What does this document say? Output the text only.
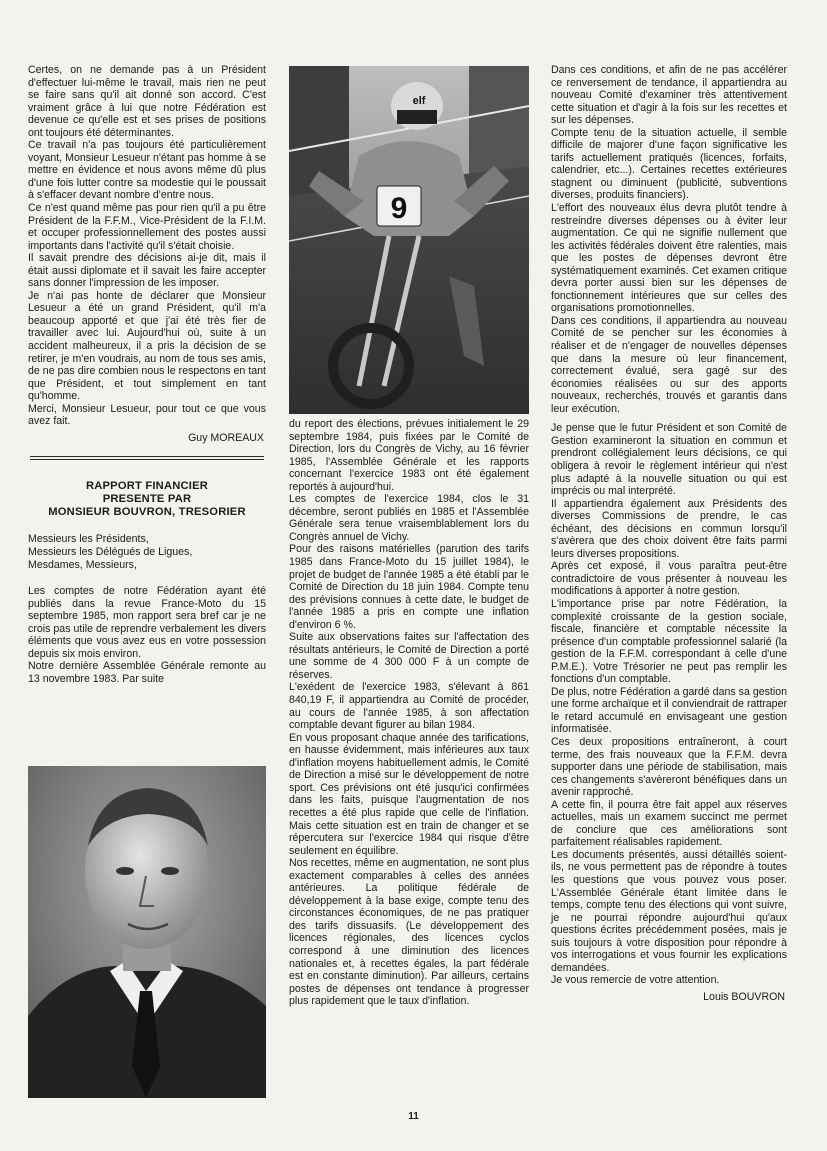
Certes, on ne demande pas à un Président d'effectuer lui-même le travail, mais rien ne peut se faire sans qu'il ait donné son accord. C'est vraiment grâce à lui que notre Fédération est devenue ce qu'elle est et ses prises de positions ont toujours été déterminantes.

Ce travail n'a pas toujours été particulièrement voyant, Monsieur Lesueur n'étant pas homme à se mettre en évidence et nous avons même dû plus d'une fois lutter contre sa modestie qui le poussait à s'effacer devant nombre d'entre nous.

Ce n'est quand même pas pour rien qu'il a pu être Président de la F.F.M., Vice-Président de la F.I.M. et occuper professionnellement des postes aussi importants dans l'activité qu'il s'était choisie.

Il savait prendre des décisions ai-je dit, mais il était aussi diplomate et il savait les faire accepter sans donner l'impression de les imposer.

Je n'ai pas honte de déclarer que Monsieur Lesueur a été un grand Président, qu'il m'a beaucoup apporté et que j'ai été très fier de travailler avec lui. Aujourd'hui où, suite à un accident malheureux, il a pris la décision de se retirer, je m'en voudrais, au nom de tous ses amis, de ne pas dire combien nous le respectons en tant que Président, et tout simplement en tant qu'homme.

Merci, Monsieur Lesueur, pour tout ce que vous avez fait.

Guy MOREAUX

RAPPORT FINANCIER
PRESENTE PAR
MONSIEUR BOUVRON, TRESORIER

Messieurs les Présidents,
Messieurs les Délégués de Ligues,
Mesdames, Messieurs,

Les comptes de notre Fédération ayant été publiés dans la revue France-Moto du 15 septembre 1985, mon rapport sera bref car je ne crois pas utile de reprendre verbalement les divers éléments que vous avez eus en votre possession depuis six mois environ.

Notre dernière Assemblée Générale remonte au 13 novembre 1983. Par suite

elf
9

du report des élections, prévues initialement le 29 septembre 1984, puis fixées par le Comité de Direction, lors du Congrès de Vichy, au 16 février 1985, l'Assemblée Générale et les rapports concernant l'exercice 1983 ont été également reportés à aujourd'hui.

Les comptes de l'exercice 1984, clos le 31 décembre, seront publiés en 1985 et l'Assemblée Générale sera tenue vraisemblablement lors du Congrès annuel de Vichy.

Pour des raisons matérielles (parution des tarifs 1985 dans France-Moto du 15 juillet 1984), le projet de budget de l'année 1985 a été établi par le Comité de Direction du 18 juin 1984. Compte tenu des prévisions connues à cette date, le budget de l'année 1985 a pris en compte une inflation d'environ 6 %.

Suite aux observations faites sur l'affectation des résultats antérieurs, le Comité de Direction a porté une somme de 4 300 000 F à un compte de réserves.

L'exédent de l'exercice 1983, s'élevant à 861 840,19 F, il appartiendra au Comité de procéder, au cours de l'année 1985, à son affectation comptable devant figurer au bilan 1984.

En vous proposant chaque année des tarifications, en hausse évidemment, mais inférieures aux taux d'inflation moyens habituellement admis, le Comité de Direction a misé sur le développement de notre sport. Ces prévisions ont été jusqu'ici confirmées dans les faits, puisque l'augmentation de nos recettes a été plus rapide que celle de l'inflation. Mais cette situation est en train de changer et se répercutera sur l'exercice 1984 qui risque d'être seulement en équilibre.

Nos recettes, même en augmentation, ne sont plus exactement comparables à celles des années antérieures. La politique fédérale de développement à la base exige, compte tenu des circonstances économiques, de ne pas pratiquer des tarifs dissuasifs. (Le développement des licences régionales, des licences cyclos correspond à une diminution des licences nationales et, à recettes égales, la part fédérale est en constante diminution). Par ailleurs, certains postes de dépenses ont tendance à progresser plus rapidement que le taux d'inflation.

Dans ces conditions, et afin de ne pas accélérer ce renversement de tendance, il appartiendra au nouveau Comité d'examiner très attentivement cette situation et d'agir à la fois sur les recettes et sur les dépenses.

Compte tenu de la situation actuelle, il semble difficile de majorer d'une façon significative les tarifs actuellement pratiqués (licences, forfaits, calendrier, etc...). Certaines recettes extérieures stagnent ou diminuent (publicité, subventions diverses, produits financiers).

L'effort des nouveaux élus devra plutôt tendre à restreindre diverses dépenses ou à éviter leur augmentation. Ce qui ne signifie nullement que les activités fédérales doivent être ralenties, mais que les postes de dépenses devront être systématiquement examinés. Cet examen critique devra porter aussi bien sur les dépenses de fonctionnement intérieures que sur celles des organisations promotionnelles.

Dans ces conditions, il appartiendra au nouveau Comité de se pencher sur les économies à réaliser et de n'engager de nouvelles dépenses que dans la mesure où leur financement, correctement évalué, sera gagé sur des économies réalisées ou sur des apports nouveaux, recherchés, trouvés et garantis dans leur exécution.

Je pense que le futur Président et son Comité de Gestion examineront la situation en commun et prendront collégialement leurs décisions, ce qui obligera à revoir le règlement intérieur qui n'est plus adapté à la nouvelle situation ou qui est imprécis ou mal interprété.

Il appartiendra également aux Présidents des diverses Commissions de prendre, le cas échéant, des décisions en commun lorsqu'il s'avèrera que des choix doivent être faits parmi leurs diverses propositions.

Après cet exposé, il vous paraîtra peut-être contradictoire de vous présenter à nouveau les modifications à apporter à notre gestion.

L'importance prise par notre Fédération, la complexité croissante de la gestion sociale, fiscale, financière et comptable nécessite la présence d'un comptable professionnel salarié (la gestion de la F.F.M. correspondant à celle d'une P.M.E.). Votre Trésorier ne peut pas remplir les fonctions d'un comptable.

De plus, notre Fédération a gardé dans sa gestion une forme archaïque et il conviendrait de rattraper le retard accumulé en envisageant une gestion informatisée.

Ces deux propositions entraîneront, à court terme, des frais nouveaux que la F.F.M. devra supporter dans une période de stabilisation, mais ces changements s'avèreront bénéfiques dans un avenir rapproché.

A cette fin, il pourra être fait appel aux réserves actuelles, mais un examem succinct me permet de conclure que ces améliorations sont parfaitement réalisables rapidement.

Les documents présentés, aussi détaillés soient-ils, ne vous permettent pas de répondre à toutes les questions que vous pouvez vous poser. L'Assemblée Générale étant limitée dans le temps, compte tenu des élections qui vont suivre, je ne pourrai répondre aujourd'hui qu'aux questions écrites précédemment posées, mais je suis toujours à votre disposition pour répondre à vos interrogations et vous fournir les explications demandées.

Je vous remercie de votre attention.

Louis BOUVRON

11
